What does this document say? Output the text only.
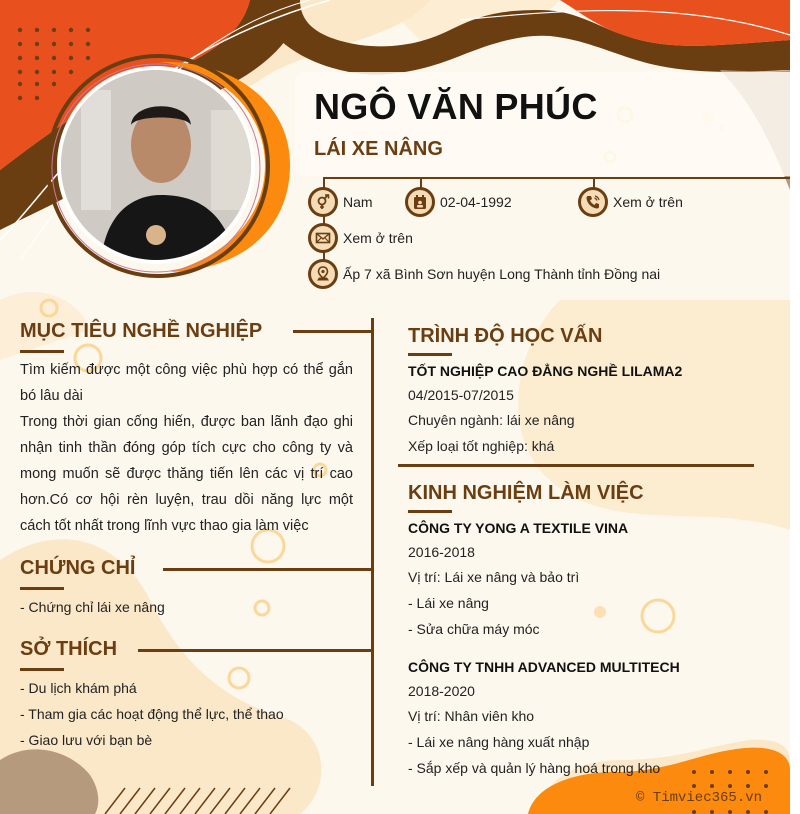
NGÔ VĂN PHÚC
LÁI XE NÂNG
Nam	02-04-1992	Xem ở trên
Xem ở trên
Ấp 7 xã Bình Sơn huyện Long Thành tỉnh Đồng nai
MỤC TIÊU NGHỀ NGHIỆP
Tìm kiếm được một công việc phù hợp có thể gắn bó lâu dài
Trong thời gian cống hiến, được ban lãnh đạo ghi nhận tinh thần đóng góp tích cực cho công ty và mong muốn sẽ được thăng tiến lên các vị trí cao hơn.Có cơ hội rèn luyện, trau dồi năng lực một cách tốt nhất trong lĩnh vực thao gia làm việc
CHỨNG CHỈ
- Chứng chỉ lái xe nâng
SỞ THÍCH
- Du lịch khám phá
- Tham gia các hoạt động thể lực, thể thao
- Giao lưu với bạn bè
TRÌNH ĐỘ HỌC VẤN
TỐT NGHIỆP CAO ĐẲNG NGHỀ LILAMA2
04/2015-07/2015
Chuyên ngành: lái xe nâng
Xếp loại tốt nghiệp: khá
KINH NGHIỆM LÀM VIỆC
CÔNG TY YONG A TEXTILE VINA
2016-2018
Vị trí: Lái xe nâng và bảo trì
- Lái xe nâng
- Sửa chữa máy móc
CÔNG TY TNHH ADVANCED MULTITECH
2018-2020
Vị trí: Nhân viên kho
- Lái xe nâng hàng xuất nhập
- Sắp xếp và quản lý hàng hoá trong kho
© Timviec365.vn
